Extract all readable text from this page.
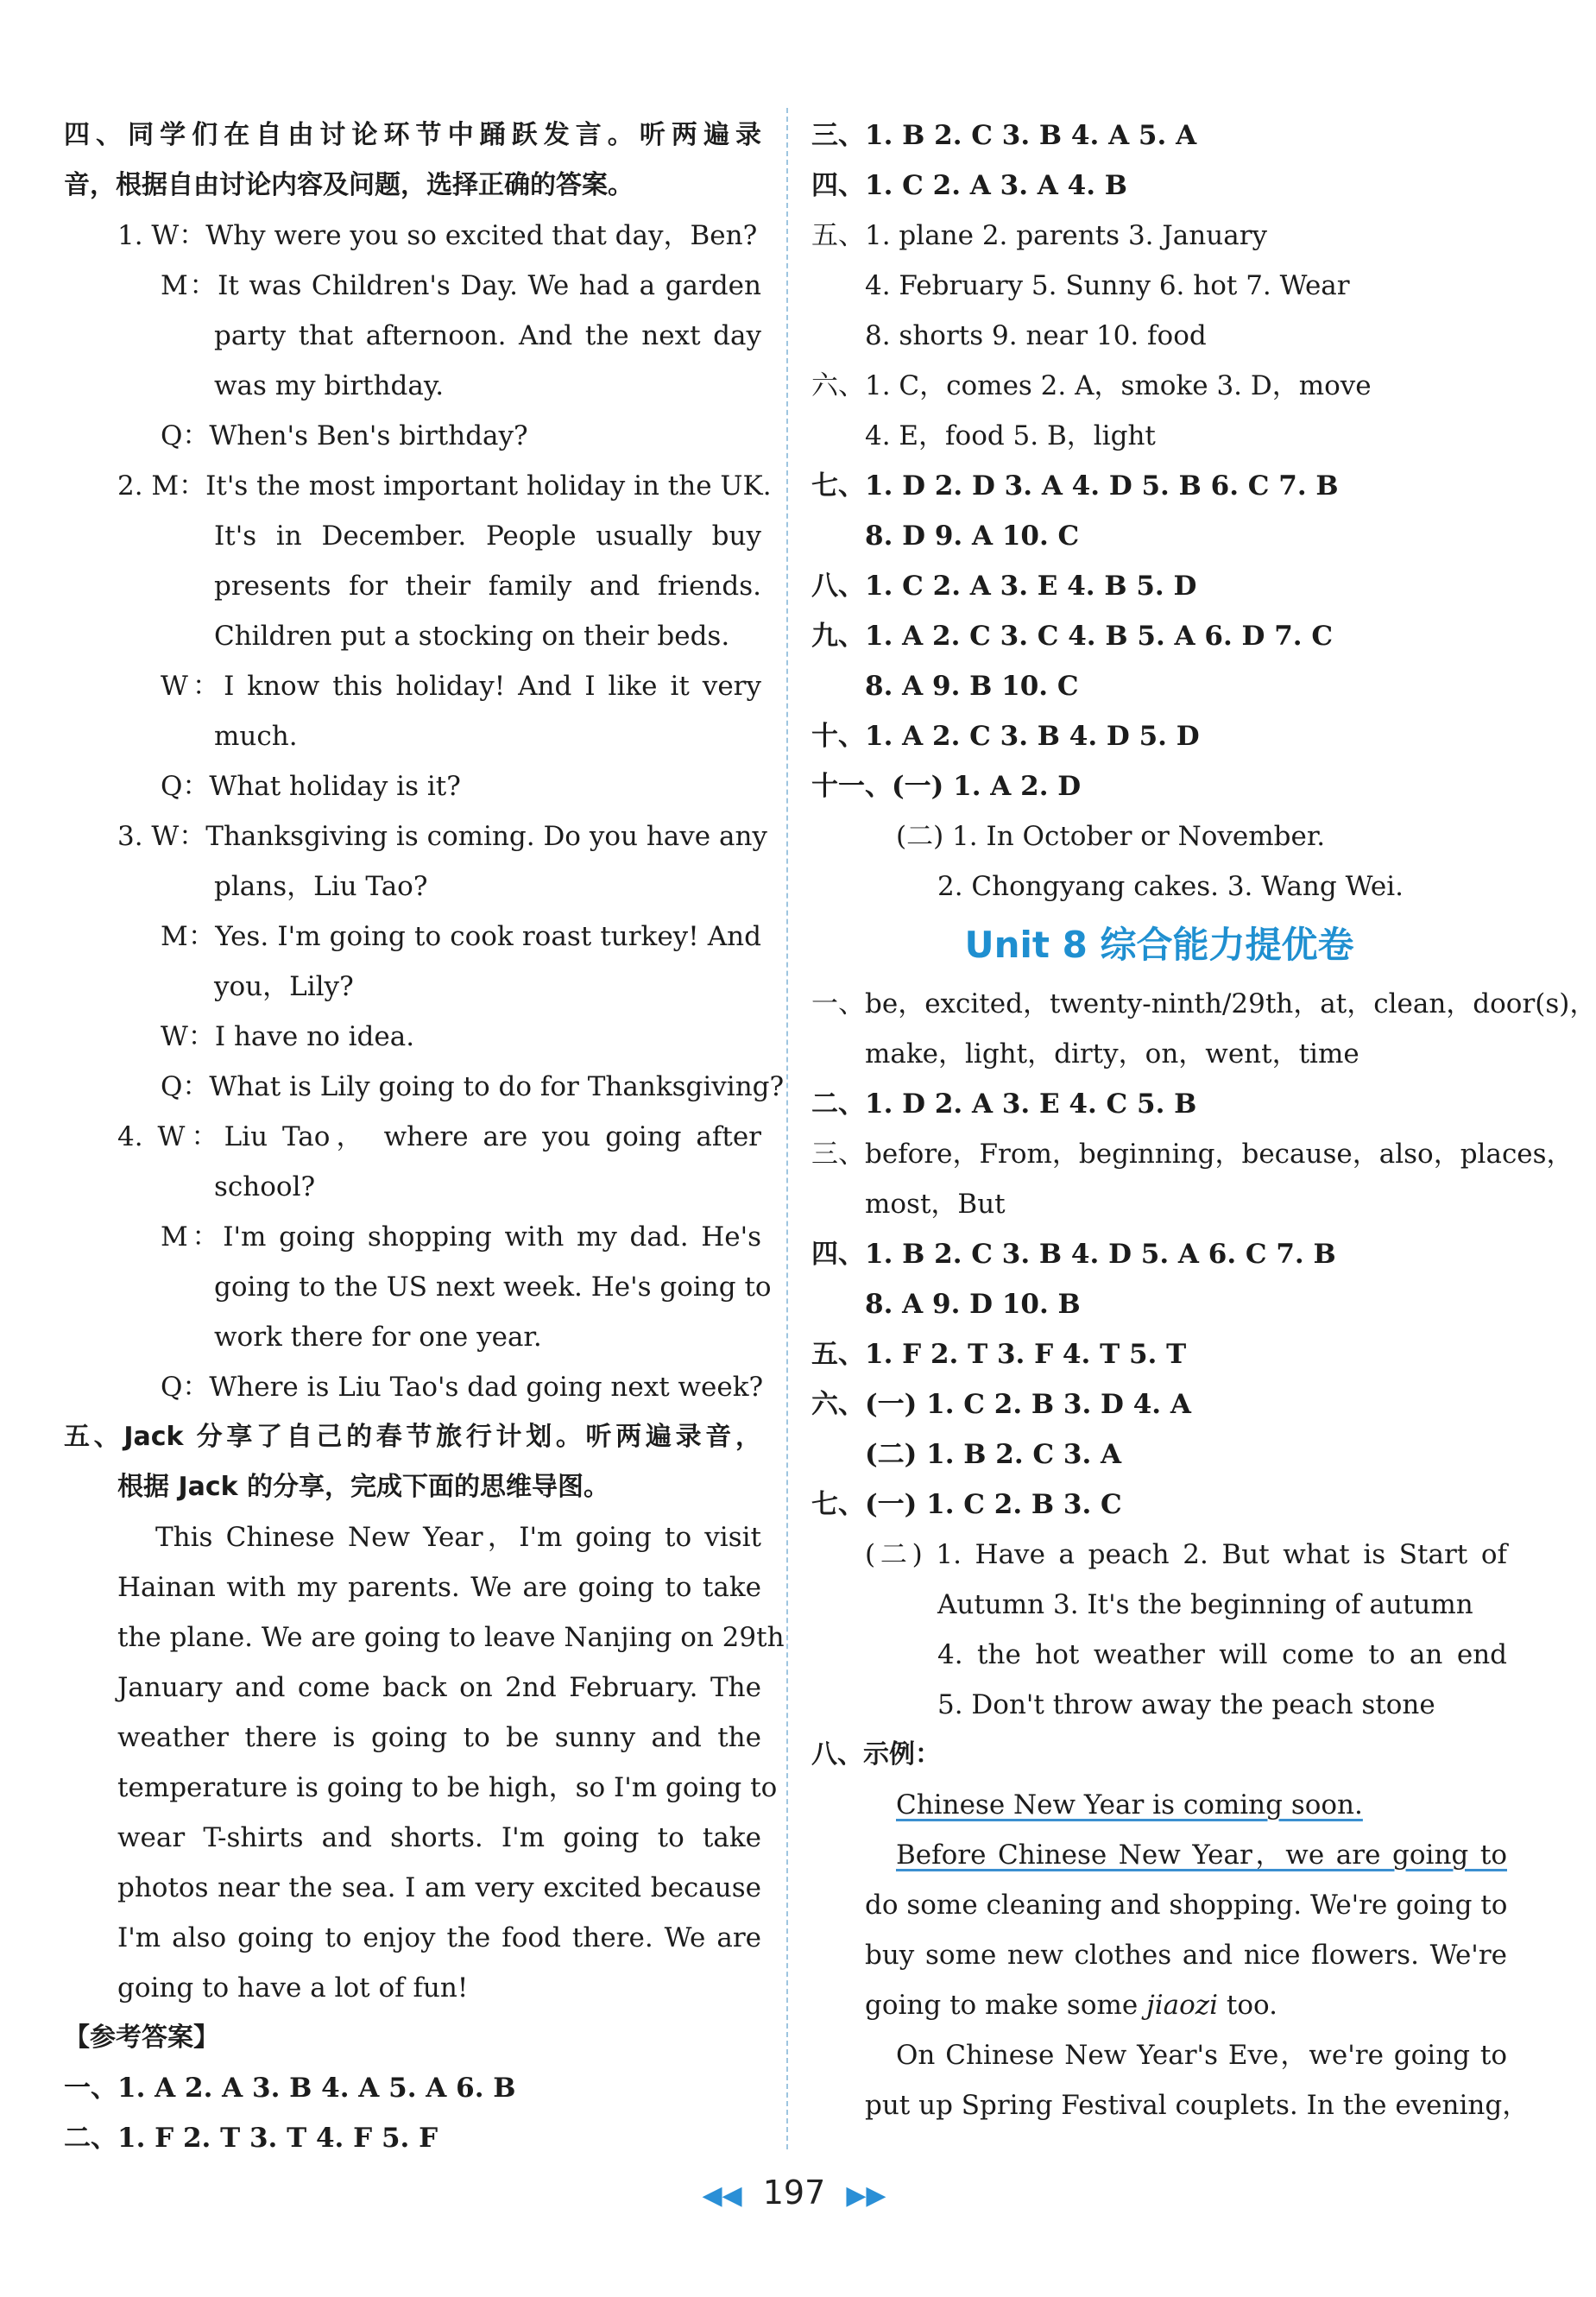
四、同学们在自由讨论环节中踊跃发言。听两遍录
音，根据自由讨论内容及问题，选择正确的答案。
1. W：Why were you so excited that day，Ben?
M：It was Children's Day. We had a garden
party that afternoon. And the next day
was my birthday.
Q：When's Ben's birthday?
2. M：It's the most important holiday in the UK.
It's in December. People usually buy
presents for their family and friends.
Children put a stocking on their beds.
W：I know this holiday! And I like it very
much.
Q：What holiday is it?
3. W：Thanksgiving is coming. Do you have any
plans，Liu Tao?
M：Yes. I'm going to cook roast turkey! And
you，Lily?
W：I have no idea.
Q：What is Lily going to do for Thanksgiving?
4. W：Liu Tao， where are you going after
school?
M：I'm going shopping with my dad. He's
going to the US next week. He's going to
work there for one year.
Q：Where is Liu Tao's dad going next week?
五、Jack 分享了自己的春节旅行计划。听两遍录音，
根据 Jack 的分享，完成下面的思维导图。
This Chinese New Year，I'm going to visit
Hainan with my parents. We are going to take
the plane. We are going to leave Nanjing on 29th
January and come back on 2nd February. The
weather there is going to be sunny and the
temperature is going to be high，so I'm going to
wear T-shirts and shorts. I'm going to take
photos near the sea. I am very excited because
I'm also going to enjoy the food there. We are
going to have a lot of fun!
【参考答案】
一、1. A 2. A 3. B 4. A 5. A 6. B
二、1. F 2. T 3. T 4. F 5. F
三、1. B 2. C 3. B 4. A 5. A
四、1. C 2. A 3. A 4. B
五、1. plane 2. parents 3. January
4. February 5. Sunny 6. hot 7. Wear
8. shorts 9. near 10. food
六、1. C，comes 2. A，smoke 3. D，move
4. E，food 5. B，light
七、1. D 2. D 3. A 4. D 5. B 6. C 7. B
8. D 9. A 10. C
八、1. C 2. A 3. E 4. B 5. D
九、1. A 2. C 3. C 4. B 5. A 6. D 7. C
8. A 9. B 10. C
十、1. A 2. C 3. B 4. D 5. D
十一、(一) 1. A 2. D
(二) 1. In October or November.
2. Chongyang cakes. 3. Wang Wei.
Unit 8 综合能力提优卷
一、be，excited，twenty-ninth/29th，at，clean，door(s)，
make，light，dirty，on，went，time
二、1. D 2. A 3. E 4. C 5. B
三、before，From，beginning，because，also，places，
most，But
四、1. B 2. C 3. B 4. D 5. A 6. C 7. B
8. A 9. D 10. B
五、1. F 2. T 3. F 4. T 5. T
六、(一) 1. C 2. B 3. D 4. A
(二) 1. B 2. C 3. A
七、(一) 1. C 2. B 3. C
(二) 1. Have a peach 2. But what is Start of
Autumn 3. It's the beginning of autumn
4. the hot weather will come to an end
5. Don't throw away the peach stone
八、示例：
Chinese New Year is coming soon.
Before Chinese New Year，we are going to
do some cleaning and shopping. We're going to
buy some new clothes and nice flowers. We're
going to make some jiaozi too.
On Chinese New Year's Eve，we're going to
put up Spring Festival couplets. In the evening，
◀◀ 197 ▶▶
